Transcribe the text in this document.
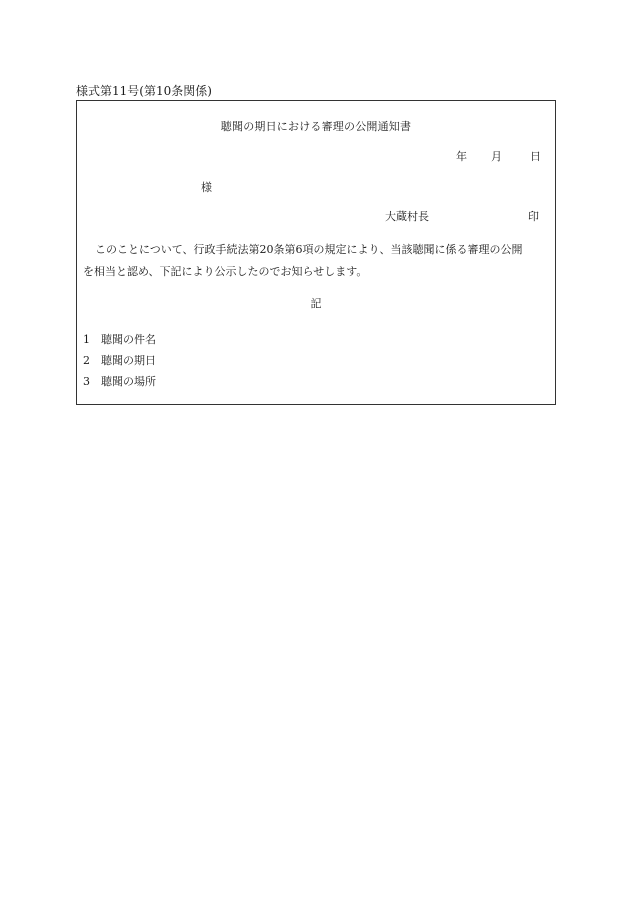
様式第11号(第10条関係)
聴聞の期日における審理の公開通知書
年 月	日
様
大蔵村長	印
このことについて、行政手続法第20条第6項の規定により、当該聴聞に係る審理の公開
を相当と認め、下記により公示したのでお知らせします。
記
1 聴聞の件名
2 聴聞の期日
3 聴聞の場所
